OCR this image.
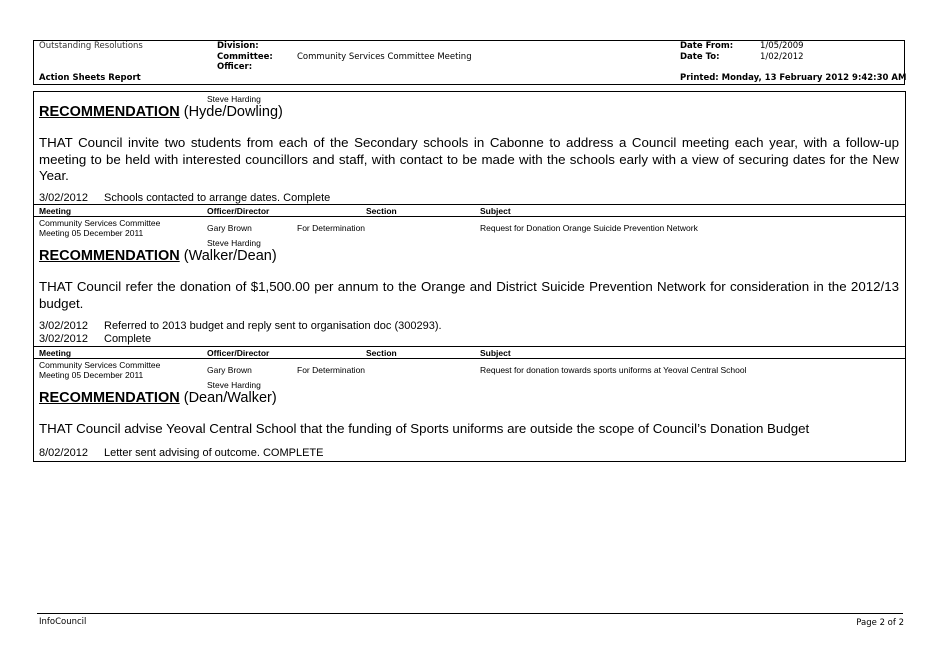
Outstanding Resolutions
Action Sheets Report
Division:
Committee:	Community Services Committee Meeting
Officer:
Date From:	1/05/2009
Date To:	1/02/2012
Printed: Monday, 13 February 2012 9:42:30 AM
Steve Harding
RECOMMENDATION (Hyde/Dowling)
THAT Council invite two students from each of the Secondary schools in Cabonne to address a Council meeting each year, with a follow-up meeting to be held with interested councillors and staff, with contact to be made with the schools early with a view of securing dates for the New Year.
3/02/2012 Schools contacted to arrange dates. Complete
Meeting	Officer/Director	Section	Subject
Community Services Committee
Meeting 05 December 2011	Gary Brown	For Determination	Request for Donation Orange Suicide Prevention Network
Steve Harding
RECOMMENDATION (Walker/Dean)
THAT Council refer the donation of $1,500.00 per annum to the Orange and District Suicide Prevention Network for consideration in the 2012/13 budget.
3/02/2012 Referred to 2013 budget and reply sent to organisation doc (300293).
3/02/2012 Complete
Meeting	Officer/Director	Section	Subject
Community Services Committee
Meeting 05 December 2011	Gary Brown	For Determination	Request for donation towards sports uniforms at Yeoval Central School
Steve Harding
RECOMMENDATION (Dean/Walker)
THAT Council advise Yeoval Central School that the funding of Sports uniforms are outside the scope of Council’s Donation Budget
8/02/2012 Letter sent advising of outcome. COMPLETE
InfoCouncil	Page 2 of 2
